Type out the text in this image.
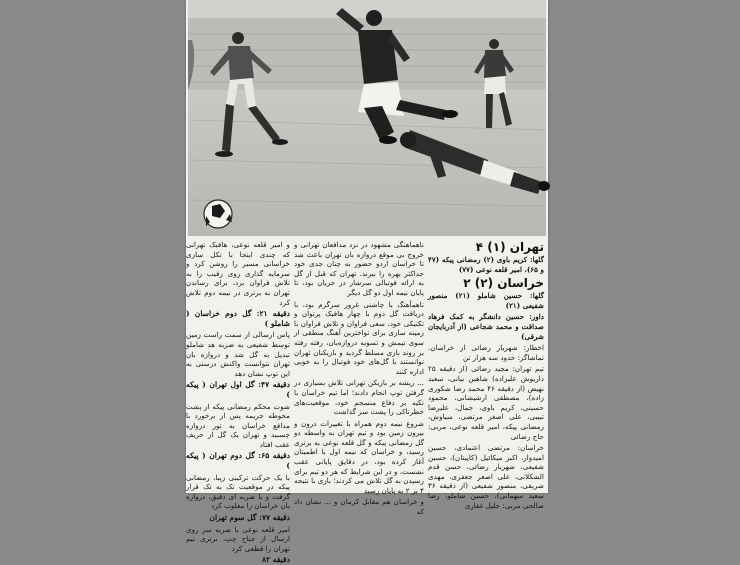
تهران (۱) ۴

گلها: کریم باوی (۲) رمضانی پیکه (۴۷ و ۶۵)، امیر قلعه نوعی (۷۷)

خراسان (۲) ۲

گلها: حسین شاملو (۲۱) منصور شفیعی (۲۱)

داور: حسین دانشگر به کمک فرهاد صداقت و محمد شجاعی (از آذربایجان شرقی)

اخطار: شهریار رضائی از خراسان. تماشاگر: حدود سه هزار تن

تیم تهران: مجید رضائی (از دقیقه ۲۵ داریوش علیزاده) شاهین بیانی، سعید نهیض (از دقیقه ۴۶ محمد رضا شکوری زاده)، مصطفی ارشیشانی، محمود حسینی، کریم باوی، جمال، علیرضا تبیبی، علی اصغر مرتضی، سیاوش، رمضانی پیکه، امیر قلعه نوعی، مربی: حاج رضائی

خراسان: مرتضی اعتمادی، حسین امیدوار، اکبر میکائیل (کاپیتان)، حسین شفیعی، شهریار رضائی، حسن قدم الشکلانی، علی اصغر جعفری، مهدی شریفی، منصور شفیعی (از دقیقه ۳۶ سعید سهمانی)، حسین شاملو، رضا صالحی مربی: جلیل غفاری

ناهماهنگی مشهود در نزد مدافعان تهرانی و خروج بی موقع دروازه بان تهران باعث شد تا خراسان اردو حضور به چنان جدی خود حداکثر بهره را ببرند. تهران که قبل از گل به ارائه فوتبالی سرشار در جریان بود، تا پایان نیمه اول دو گل دیگر

ناهمآهنگ با چاشنی غرور سرگرم بود، با دریافت گل دوم با چهار هافبک پرتوان و تکنیکی خود، سعی فراوان و تلاش فراوان با زمینه سازی برای تواخترین آهنگ منطقی از سوی تیمش و تسویه دروازه‌بان، رفته رفته بر روند بازی مسلط گردید و بازیکنان تهران توانستند با گل‌های خود فوتبال را به خوبی اداره کنند

... ریشه بر بازیکن تهرانی تلاش بسیاری در گرفتن توپ انجام دادند؛ اما تیم خراسان با تکیه بر دفاع منسجم خود، موقعیت‌های خطرناکی را پشت سر گذاشت

شروع نیمه دوم همراه با تغییرات درون و بیرون زمین بود و تیم تهران به واسطه دو گل رمضانی پیکه و گل قلعه نوعی به برتری رسید، و خراسان که نیمه اول با اطمینان آغاز کرده بود، در دقایق پایانی عقب نشست، و در این شرایط که هر دو تیم برای رسیدن به گل تلاش می کردند؛ بازی با نتیجه ۴ بر ۲ به پایان رسید

و خراسان هم مقابل کرمان و ... نشان داد که

و امیر قلعه نوعی، هافبک تهرانی که چندی اینجا با تکل سازی خراسانی مسیر را روشن کرد و سرمایه گذاری روی رقیب را به تلاش فراوان برد، برای رساندن تهران به برتری در نیمه دوم تلاش کرد

دقیقه ۲۱: گل دوم خراسان ( شاملو )

پاس ارسالی از سمت راست زمین توسط شفیعی به ضربه هد شاملو تبدیل به گل شد و دروازه بان تهران نتوانست واکنش درستی به این توپ نشان دهد

دقیقه ۴۷: گل اول تهران ( پیکه )

شوت محکم رمضانی پیکه از پشت محوطه جریمه پس از برخورد با مدافع خراسان به تور دروازه چسبید و تهران یک گل از حریف عقب افتاد

دقیقه ۶۵: گل دوم تهران ( پیکه )

با یک حرکت ترکیبی زیبا، رمضانی پیکه در موقعیت تک به تک قرار گرفت و با ضربه ای دقیق، دروازه بان خراسان را مغلوب کرد

دقیقه ۷۷: گل سوم تهران

امیر قلعه نوعی با ضربه سر روی ارسال از جناح چپ، برتری تیم تهران را قطعی کرد

دقیقه ۸۲
